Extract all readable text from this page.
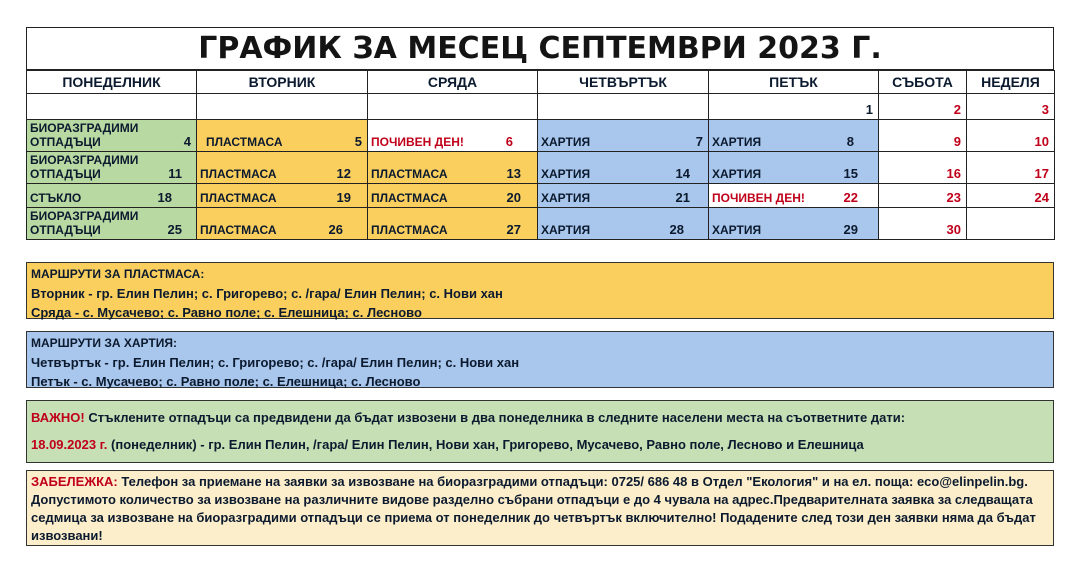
ГРАФИК ЗА МЕСЕЦ СЕПТЕМВРИ 2023 Г.
ПОНЕДЕЛНИК	ВТОРНИК	СРЯДА	ЧЕТВЪРТЪК	ПЕТЪК	СЪБОТА	НЕДЕЛЯ

				1	2	3

БИОРАЗГРАДИМИ
ОТПАДЪЦИ 4	ПЛАСТМАСА 5	ПОЧИВЕН ДЕН! 6	ХАРТИЯ 7	ХАРТИЯ 8	9	10

БИОРАЗГРАДИМИ
ОТПАДЪЦИ 11	ПЛАСТМАСА 12	ПЛАСТМАСА 13	ХАРТИЯ 14	ХАРТИЯ 15	16	17

СТЪКЛО 18	ПЛАСТМАСА 19	ПЛАСТМАСА 20	ХАРТИЯ 21	ПОЧИВЕН ДЕН! 22	23	24

БИОРАЗГРАДИМИ
ОТПАДЪЦИ 25	ПЛАСТМАСА 26	ПЛАСТМАСА 27	ХАРТИЯ 28	ХАРТИЯ 29	30	

МАРШРУТИ ЗА ПЛАСТМАСА:
Вторник - гр. Елин Пелин; с. Григорево; с. /гара/ Елин Пелин; с. Нови хан
Сряда - с. Мусачево; с. Равно поле; с. Елешница; с. Лесново
МАРШРУТИ ЗА ХАРТИЯ:
Четвъртък - гр. Елин Пелин; с. Григорево; с. /гара/ Елин Пелин; с. Нови хан
Петък - с. Мусачево; с. Равно поле; с. Елешница; с. Лесново
ВАЖНО! Стъклените отпадъци са предвидени да бъдат извозени в два понеделника в следните населени места на съответните дати:
18.09.2023 г. (понеделник) - гр. Елин Пелин, /гара/ Елин Пелин, Нови хан, Григорево, Мусачево, Равно поле, Лесново и Елешница
ЗАБЕЛЕЖКА: Телефон за приемане на заявки за извозване на биоразградими отпадъци: 0725/ 686 48 в Отдел "Екология" и на ел. поща: eco@elinpelin.bg. Допустимото количество за извозване на различните видове разделно събрани отпадъци е до 4 чувала на адрес.Предварителната заявка за следващата седмица за извозване на биоразградими отпадъци се приема от понеделник до четвъртък включително! Подадените след този ден заявки няма да бъдат извозвани!
